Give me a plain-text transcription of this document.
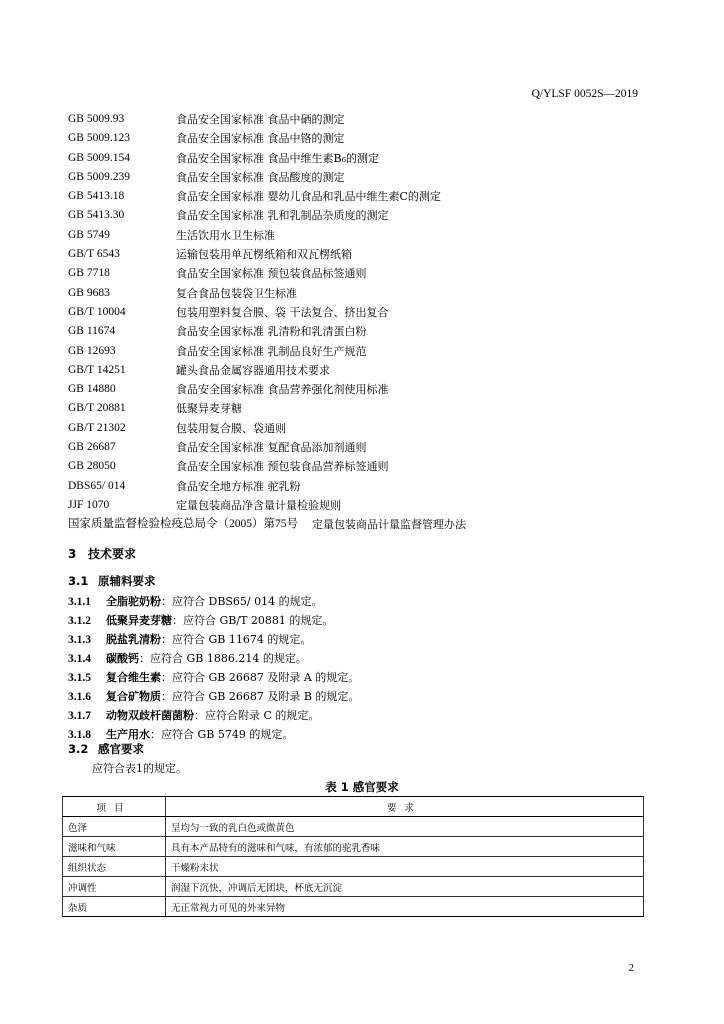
Q/YLSF 0052S—2019
GB 5009.93	食品安全国家标准 食品中硒的测定
GB 5009.123	食品安全国家标准 食品中铬的测定
GB 5009.154	食品安全国家标准 食品中维生素B₆的测定
GB 5009.239	食品安全国家标准 食品酸度的测定
GB 5413.18	食品安全国家标准 婴幼儿食品和乳品中维生素C的测定
GB 5413.30	食品安全国家标准 乳和乳制品杂质度的测定
GB 5749	生活饮用水卫生标准
GB/T 6543	运输包装用单瓦楞纸箱和双瓦楞纸箱
GB 7718	食品安全国家标准 预包装食品标签通则
GB 9683	复合食品包装袋卫生标准
GB/T 10004	包装用塑料复合膜、袋 干法复合、挤出复合
GB 11674	食品安全国家标准 乳清粉和乳清蛋白粉
GB 12693	食品安全国家标准 乳制品良好生产规范
GB/T 14251	罐头食品金属容器通用技术要求
GB 14880	食品安全国家标准 食品营养强化剂使用标准
GB/T 20881	低聚异麦芽糖
GB/T 21302	包装用复合膜、袋通则
GB 26687	食品安全国家标准 复配食品添加剂通则
GB 28050	食品安全国家标准 预包装食品营养标签通则
DBS65/ 014	食品安全地方标准 驼乳粉
JJF 1070	定量包装商品净含量计量检验规则
国家质量监督检验检疫总局令（2005）第75号 定量包装商品计量监督管理办法
3 技术要求
3.1 原辅料要求
3.1.1 全脂驼奶粉：应符合 DBS65/ 014 的规定。
3.1.2 低聚异麦芽糖：应符合 GB/T 20881 的规定。
3.1.3 脱盐乳清粉：应符合 GB 11674 的规定。
3.1.4 碳酸钙：应符合 GB 1886.214 的规定。
3.1.5 复合维生素：应符合 GB 26687 及附录 A 的规定。
3.1.6 复合矿物质：应符合 GB 26687 及附录 B 的规定。
3.1.7 动物双歧杆菌菌粉：应符合附录 C 的规定。
3.1.8 生产用水：应符合 GB 5749 的规定。
3.2 感官要求
应符合表1的规定。
表 1 感官要求
项目	要求
色泽	呈均匀一致的乳白色或微黄色
滋味和气味	具有本产品特有的滋味和气味，有浓郁的驼乳香味
组织状态	干燥粉末状
冲调性	润湿下沉快，冲调后无团块，杯底无沉淀
杂质	无正常视力可见的外来异物
2
